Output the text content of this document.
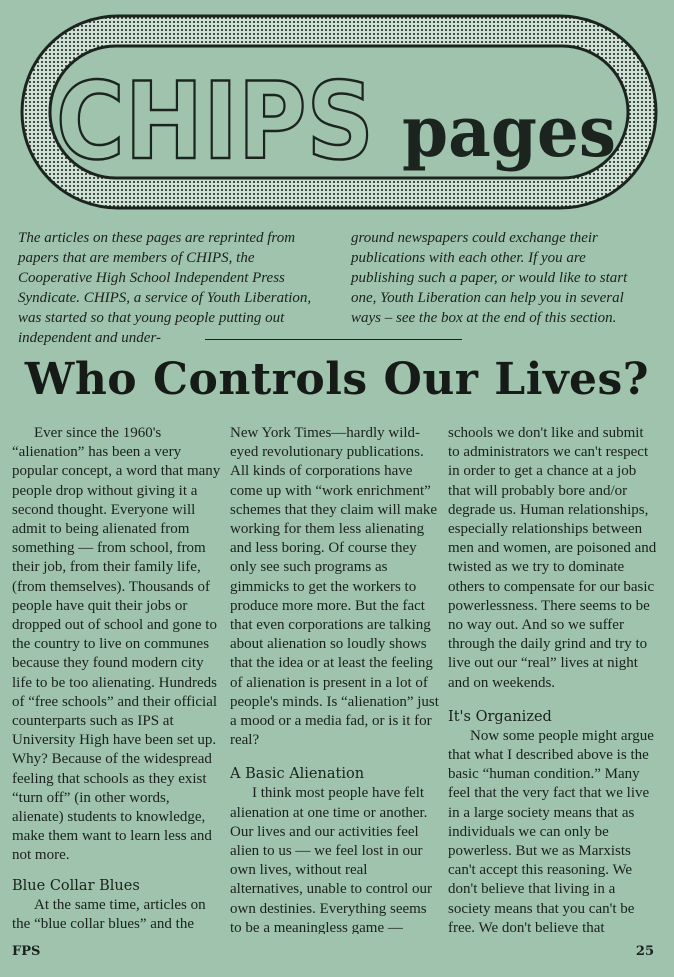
CHIPS pages

The articles on these pages are reprinted from papers that are members of CHIPS, the Cooperative High School Independent Press Syndicate. CHIPS, a service of Youth Liberation, was started so that young people putting out independent and under-

ground newspapers could exchange their publications with each other. If you are publishing such a paper, or would like to start one, Youth Liberation can help you in several ways – see the box at the end of this section.

Who Controls Our Lives?

Ever since the 1960's “alienation” has been a very popular concept, a word that many people drop without giving it a second thought. Everyone will admit to being alienated from something — from school, from their job, from their family life, (from themselves). Thousands of people have quit their jobs or dropped out of school and gone to the country to live on communes because they found modern city life to be too alienating. Hundreds of “free schools” and their official counterparts such as IPS at University High have been set up. Why? Because of the widespread feeling that schools as they exist “turn off” (in other words, alienate) students to knowledge, make them want to learn less and not more.

Blue Collar Blues

At the same time, articles on the “blue collar blues” and the

New York Times—hardly wild-eyed revolutionary publications. All kinds of corporations have come up with “work enrichment” schemes that they claim will make working for them less alienating and less boring. Of course they only see such programs as gimmicks to get the workers to produce more more. But the fact that even corporations are talking about alienation so loudly shows that the idea or at least the feeling of alienation is present in a lot of people's minds. Is “alienation” just a mood or a media fad, or is it for real?

A Basic Alienation

I think most people have felt alienation at one time or another. Our lives and our activities feel alien to us — we feel lost in our own lives, without real alternatives, unable to control our own destinies. Everything seems to be a meaningless game —

schools we don't like and submit to administrators we can't respect in order to get a chance at a job that will probably bore and/or degrade us. Human relationships, especially relationships between men and women, are poisoned and twisted as we try to dominate others to compensate for our basic powerlessness. There seems to be no way out. And so we suffer through the daily grind and try to live out our “real” lives at night and on weekends.

It's Organized

Now some people might argue that what I described above is the basic “human condition.” Many feel that the very fact that we live in a large society means that as individuals we can only be powerless. But we as Marxists can't accept this reasoning. We don't believe that living in a society means that you can't be free. We don't believe that

FPS	25
